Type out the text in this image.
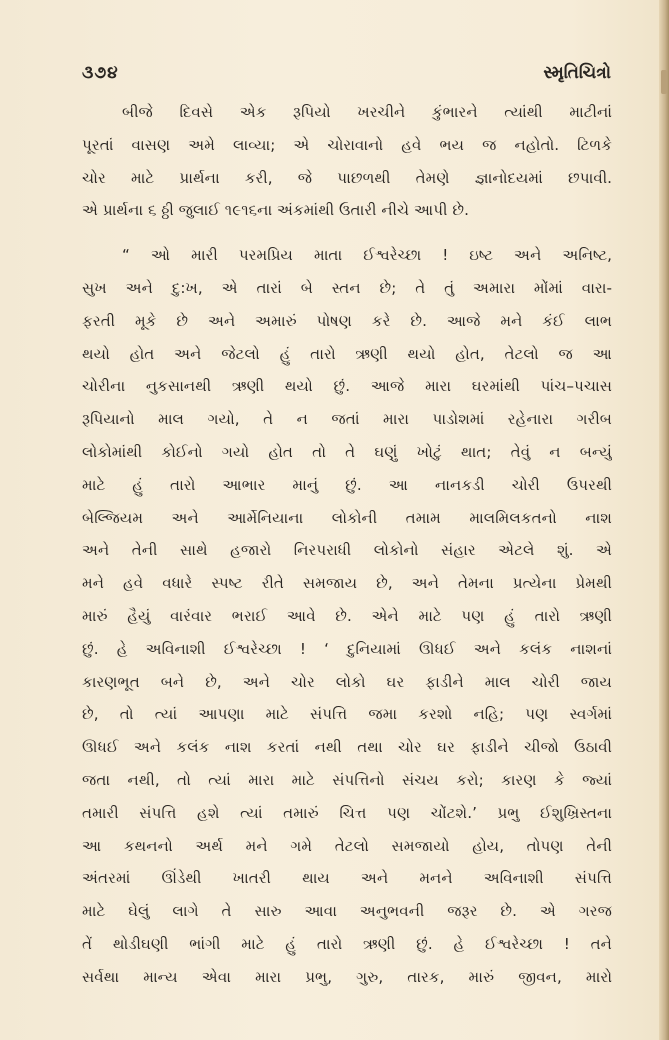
૩૭૪	સ્મૃતિચિત્રો
બીજે દિવસે એક રૂપિયો ખરચીને કુંભારને ત્યાંથી માટીનાં
પૂરતાં વાસણ અમે લાવ્યા; એ ચોરાવાનો હવે ભય જ નહોતો. ટિળકે
ચોર માટે પ્રાર્થના કરી, જે પાછળથી તેમણે જ્ઞાનોદયમાં છપાવી.
એ પ્રાર્થના ૬ ઠ્ઠી જુલાઈ ૧૯૧૬ના અંકમાંથી ઉતારી નીચે આપી છે.
“ ઓ મારી પરમપ્રિય માતા ઈશ્વરેચ્છા ! ઇષ્ટ અને અનિષ્ટ,
સુખ અને દુ:ખ, એ તારાં બે સ્તન છે; તે તું અમારા મોંમાં વારા-
ફરતી મૂકે છે અને અમારું પોષણ કરે છે. આજે મને કંઈ લાભ
થયો હોત અને જેટલો હું તારો ઋણી થયો હોત, તેટલો જ આ
ચોરીના નુકસાનથી ઋણી થયો છું. આજે મારા ઘરમાંથી પાંચ–પચાસ
રૂપિયાનો માલ ગયો, તે ન જતાં મારા પાડોશમાં રહેનારા ગરીબ
લોકોમાંથી કોઈનો ગયો હોત તો તે ઘણું ખોટું થાત; તેવું ન બન્યું
માટે હું તારો આભાર માનું છું. આ નાનકડી ચોરી ઉપરથી
બેલ્જિયમ અને આર્મેનિયાના લોકોની તમામ માલમિલકતનો નાશ
અને તેની સાથે હજારો નિરપરાધી લોકોનો સંહાર એટલે શું. એ
મને હવે વધારે સ્પષ્ટ રીતે સમજાય છે, અને તેમના પ્રત્યેના પ્રેમથી
મારું હૈયું વારંવાર ભરાઈ આવે છે. એને માટે પણ હું તારો ઋણી
છું. હે અવિનાશી ઈશ્વરેચ્છા ! ‘ દુનિયામાં ઊધઈ અને કલંક નાશનાં
કારણભૂત બને છે, અને ચોર લોકો ઘર ફાડીને માલ ચોરી જાય
છે, તો ત્યાં આપણા માટે સંપત્તિ જમા કરશો નહિ; પણ સ્વર્ગમાં
ઊધઈ અને કલંક નાશ કરતાં નથી તથા ચોર ઘર ફાડીને ચીજો ઉઠાવી
જતા નથી, તો ત્યાં મારા માટે સંપત્તિનો સંચય કરો; કારણ કે જ્યાં
તમારી સંપત્તિ હશે ત્યાં તમારું ચિત્ત પણ ચોંટશે.’ પ્રભુ ઈશુખ્રિસ્તના
આ કથનનો અર્થ મને ગમે તેટલો સમજાયો હોય, તોપણ તેની
અંતરમાં ઊંડેથી ખાતરી થાય અને મનને અવિનાશી સંપત્તિ
માટે ઘેલું લાગે તે સારુ આવા અનુભવની જરૂર છે. એ ગરજ
તેં થોડીઘણી ભાંગી માટે હું તારો ઋણી છું. હે ઈશ્વરેચ્છા ! તને
સર્વથા માન્ય એવા મારા પ્રભુ, ગુરુ, તારક, મારું જીવન, મારો
